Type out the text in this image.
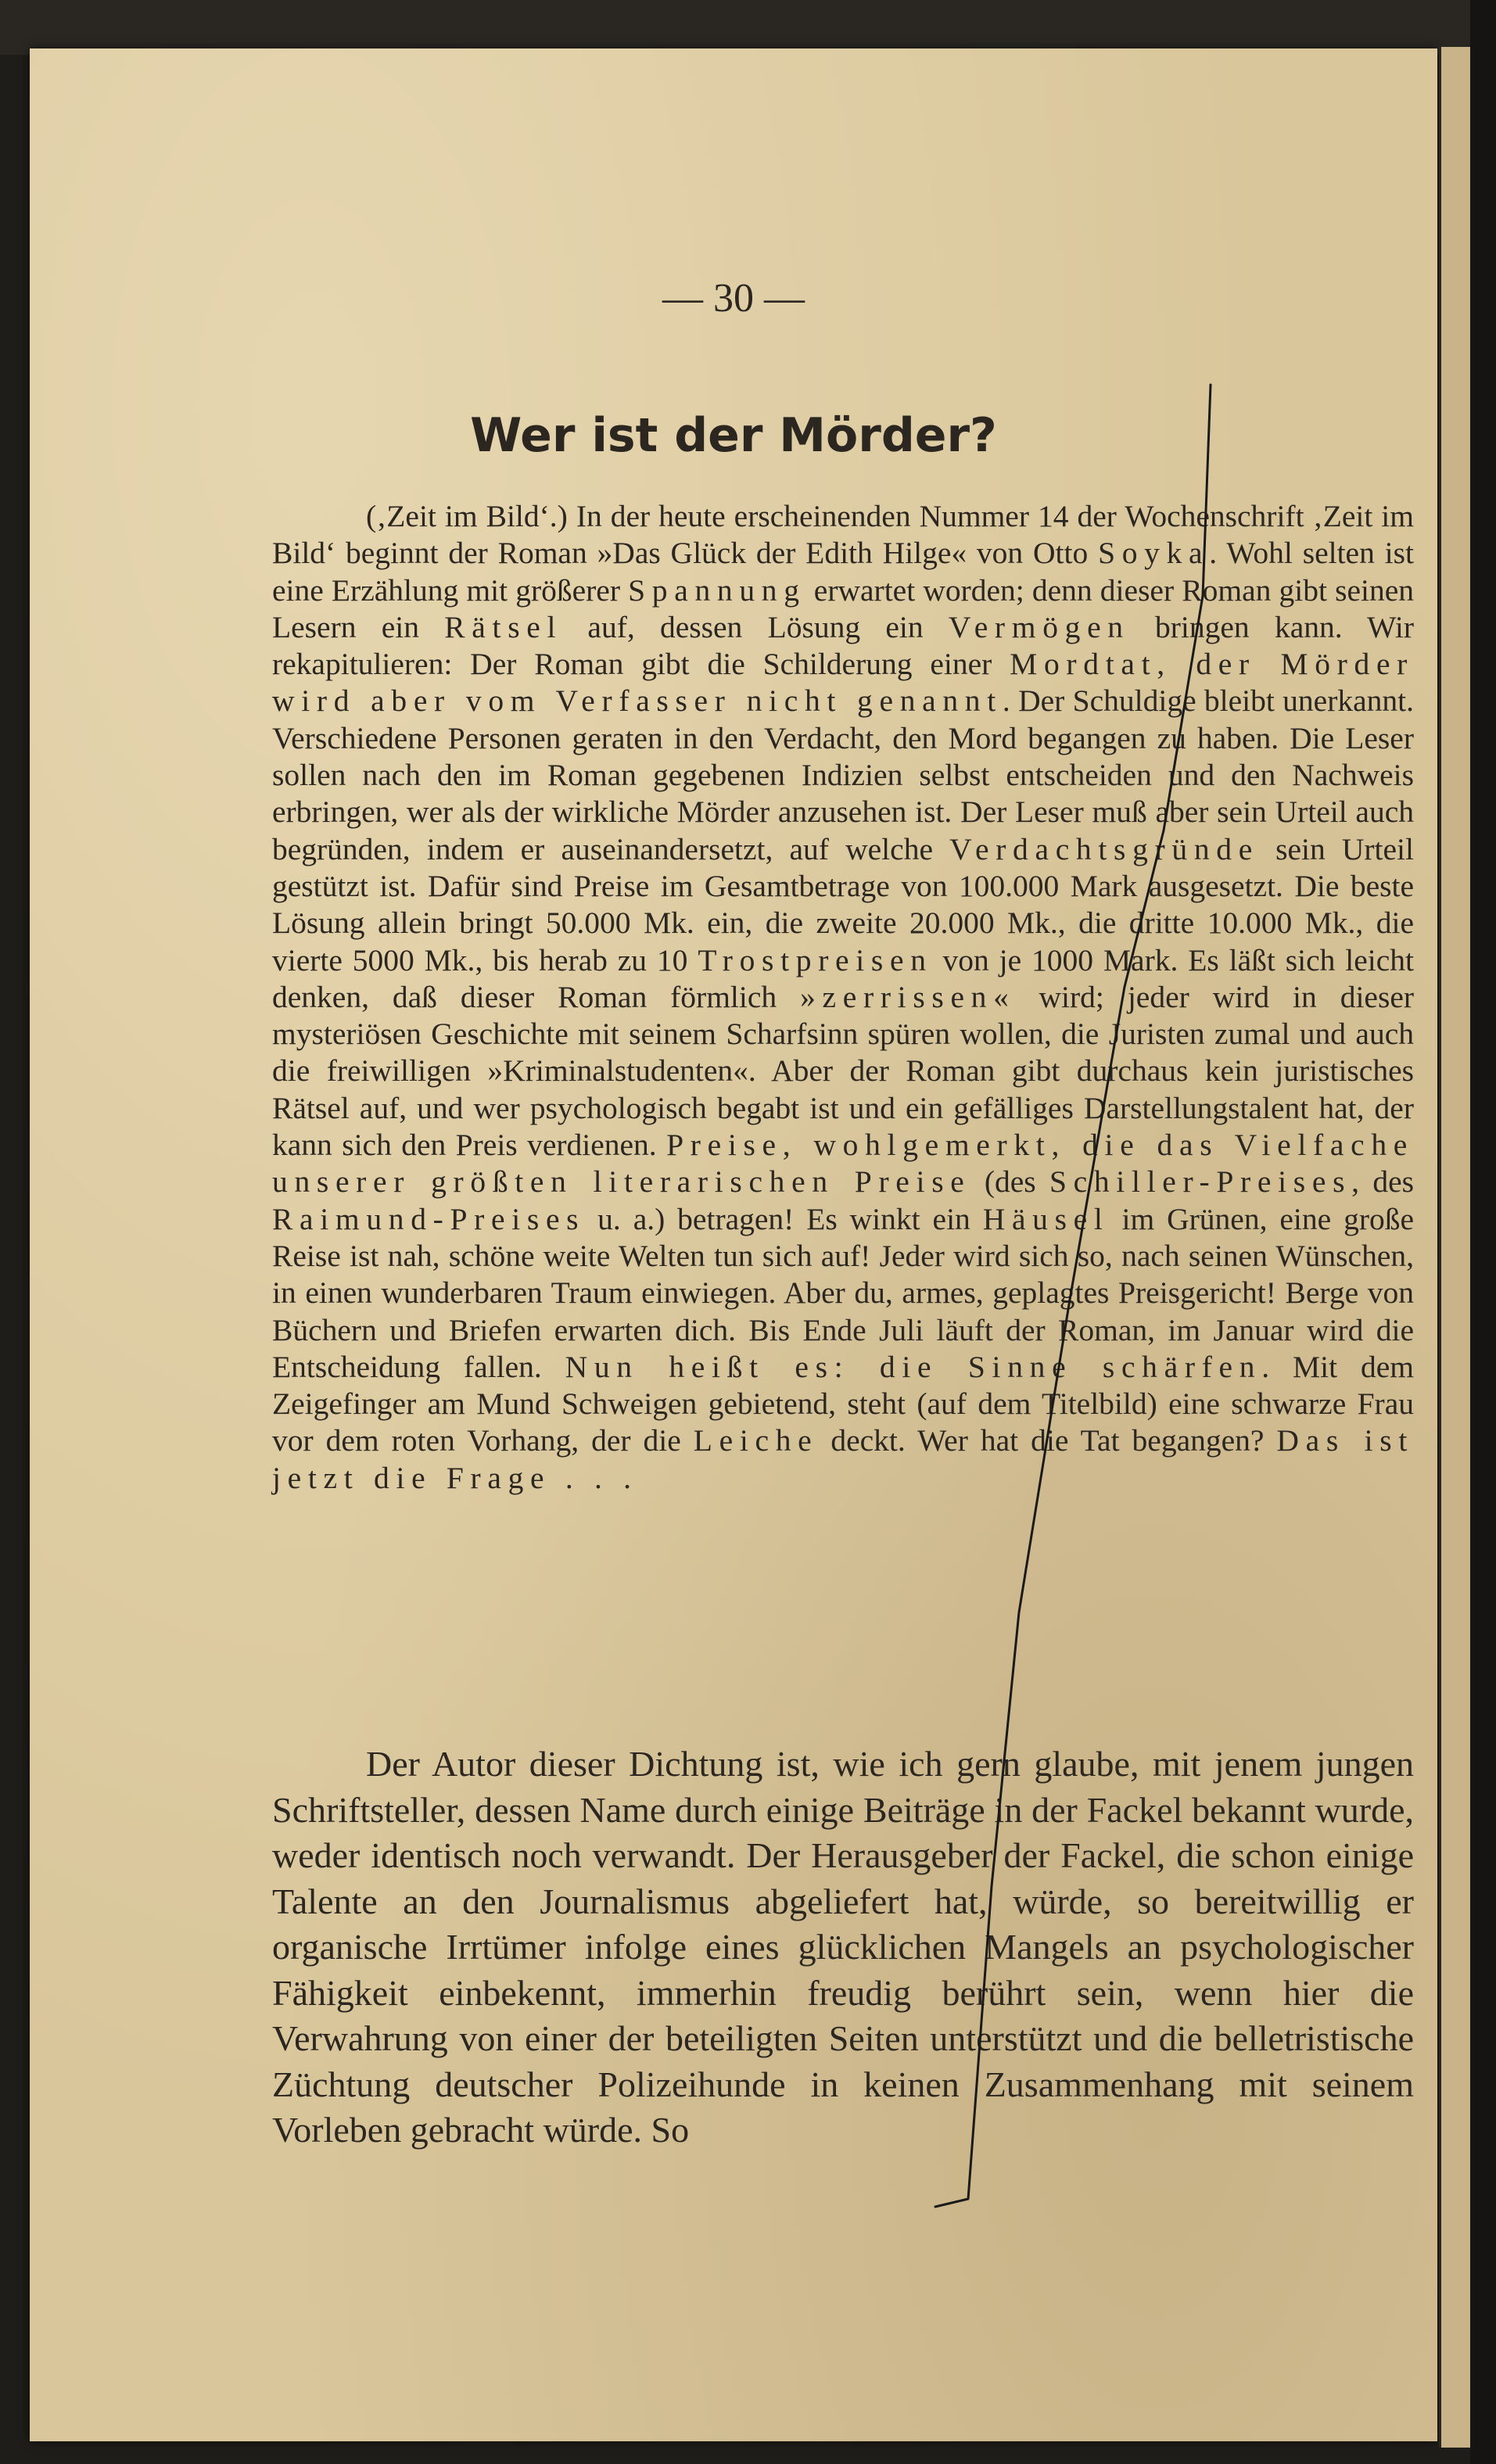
— 30 —
Wer ist der Mörder?
(‚Zeit im Bild‘.) In der heute erscheinenden Nummer 14 der Wochenschrift ‚Zeit im Bild‘ beginnt der Roman »Das Glück der Edith Hilge« von Otto Soyka. Wohl selten ist eine Erzählung mit größerer Spannung erwartet worden; denn dieser Roman gibt seinen Lesern ein Rätsel auf, dessen Lösung ein Vermögen bringen kann. Wir rekapitulieren: Der Roman gibt die Schilderung einer Mordtat, der Mörder wird aber vom Verfasser nicht genannt. Der Schuldige bleibt unerkannt. Verschiedene Personen geraten in den Verdacht, den Mord begangen zu haben. Die Leser sollen nach den im Roman gegebenen Indizien selbst entscheiden und den Nachweis erbringen, wer als der wirkliche Mörder anzusehen ist. Der Leser muß aber sein Urteil auch begründen, indem er auseinandersetzt, auf welche Verdachtsgründe sein Urteil gestützt ist. Dafür sind Preise im Gesamtbetrage von 100.000 Mark ausgesetzt. Die beste Lösung allein bringt 50.000 Mk. ein, die zweite 20.000 Mk., die dritte 10.000 Mk., die vierte 5000 Mk., bis herab zu 10 Trostpreisen von je 1000 Mark. Es läßt sich leicht denken, daß dieser Roman förmlich »zerrissen« wird; jeder wird in dieser mysteriösen Geschichte mit seinem Scharfsinn spüren wollen, die Juristen zumal und auch die freiwilligen »Kriminalstudenten«. Aber der Roman gibt durchaus kein juristisches Rätsel auf, und wer psychologisch begabt ist und ein gefälliges Darstellungstalent hat, der kann sich den Preis verdienen. Preise, wohlgemerkt, die das Vielfache unserer größten literarischen Preise (des Schiller-Preises, des Raimund-Preises u. a.) betragen! Es winkt ein Häusel im Grünen, eine große Reise ist nah, schöne weite Welten tun sich auf! Jeder wird sich so, nach seinen Wünschen, in einen wunderbaren Traum einwiegen. Aber du, armes, geplagtes Preisgericht! Berge von Büchern und Briefen erwarten dich. Bis Ende Juli läuft der Roman, im Januar wird die Entscheidung fallen. Nun heißt es: die Sinne schärfen. Mit dem Zeigefinger am Mund Schweigen gebietend, steht (auf dem Titelbild) eine schwarze Frau vor dem roten Vorhang, der die Leiche deckt. Wer hat die Tat begangen? Das ist jetzt die Frage . . .
Der Autor dieser Dichtung ist, wie ich gern glaube, mit jenem jungen Schriftsteller, dessen Name durch einige Beiträge in der Fackel bekannt wurde, weder identisch noch verwandt. Der Herausgeber der Fackel, die schon einige Talente an den Journalismus abgeliefert hat, würde, so bereitwillig er organische Irrtümer infolge eines glücklichen Mangels an psychologischer Fähigkeit einbekennt, immerhin freudig berührt sein, wenn hier die Verwahrung von einer der beteiligten Seiten unterstützt und die belletristische Züchtung deutscher Polizeihunde in keinen Zusammenhang mit seinem Vorleben gebracht würde. So
